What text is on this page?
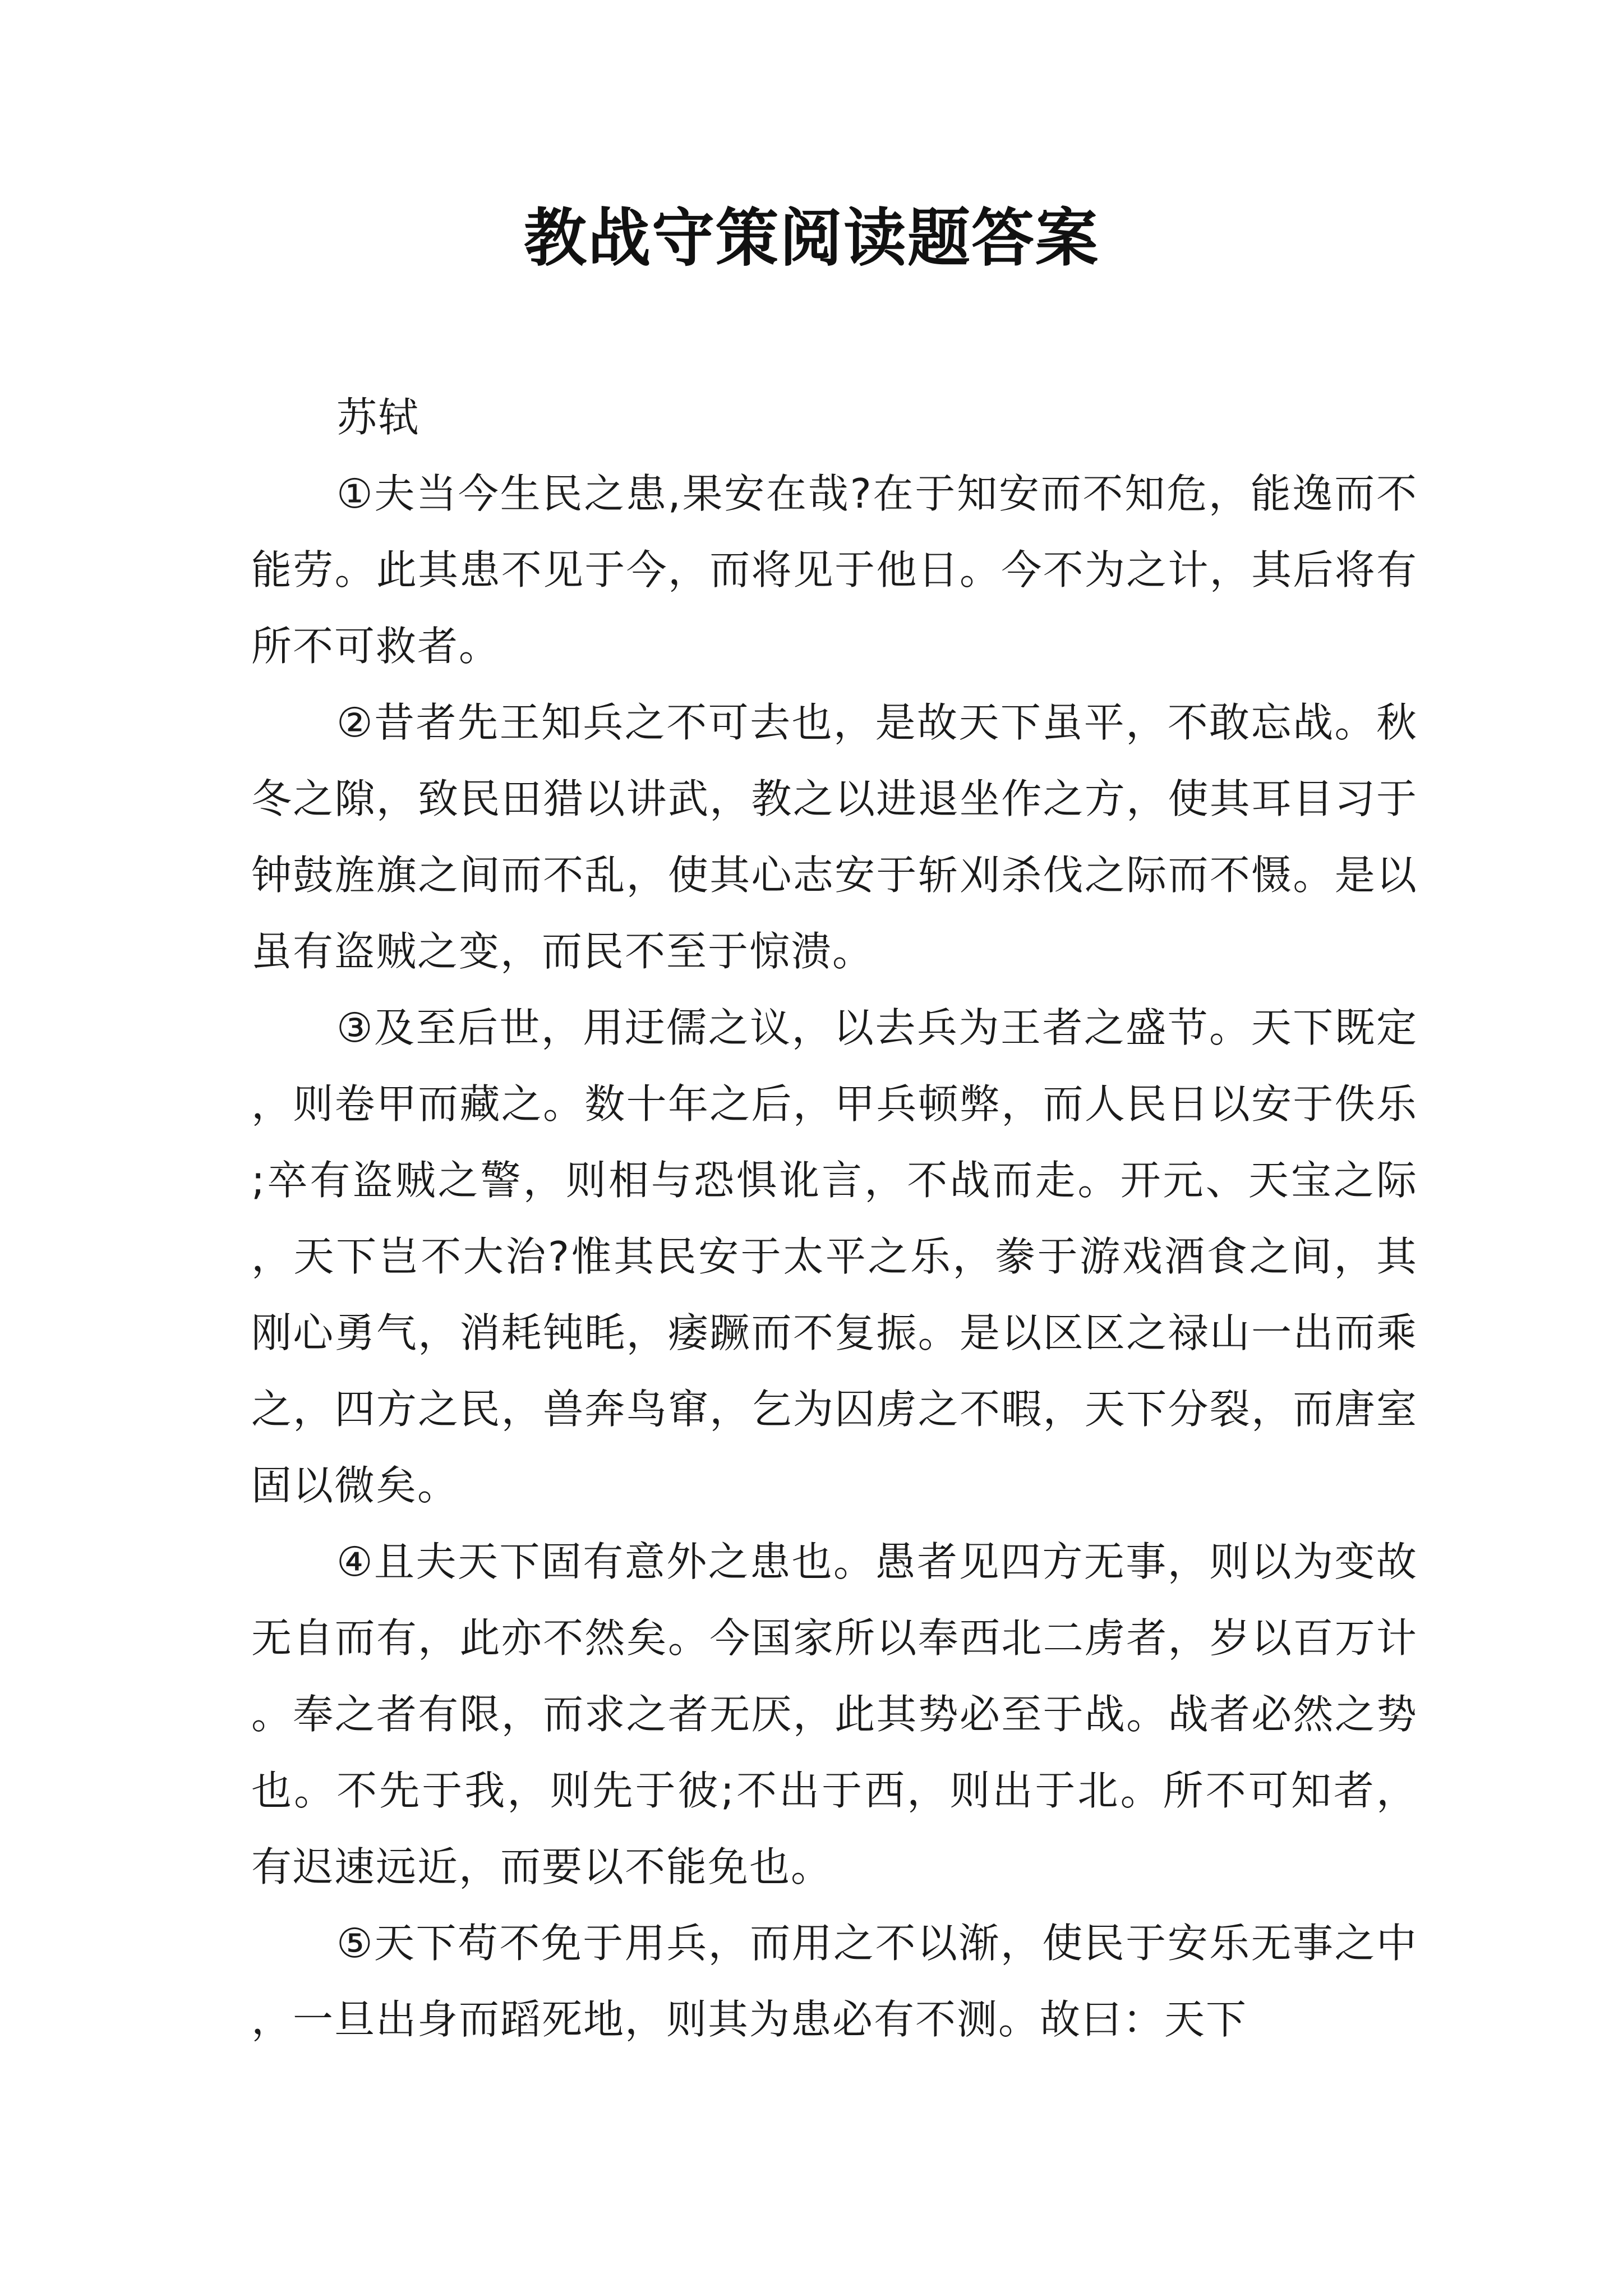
教战守策阅读题答案

苏轼

①夫当今生民之患,果安在哉?在于知安而不知危，能逸而不能劳。此其患不见于今，而将见于他日。今不为之计，其后将有所不可救者。

②昔者先王知兵之不可去也，是故天下虽平，不敢忘战。秋冬之隙，致民田猎以讲武，教之以进退坐作之方，使其耳目习于钟鼓旌旗之间而不乱，使其心志安于斩刈杀伐之际而不慑。是以虽有盗贼之变，而民不至于惊溃。

③及至后世，用迂儒之议，以去兵为王者之盛节。天下既定，则卷甲而藏之。数十年之后，甲兵顿弊，而人民日以安于佚乐;卒有盗贼之警，则相与恐惧讹言，不战而走。开元、天宝之际，天下岂不大治?惟其民安于太平之乐，豢于游戏酒食之间，其刚心勇气，消耗钝眊，痿蹶而不复振。是以区区之禄山一出而乘之，四方之民，兽奔鸟窜，乞为囚虏之不暇，天下分裂，而唐室固以微矣。

④且夫天下固有意外之患也。愚者见四方无事，则以为变故无自而有，此亦不然矣。今国家所以奉西北二虏者，岁以百万计。奉之者有限，而求之者无厌，此其势必至于战。战者必然之势也。不先于我，则先于彼;不出于西，则出于北。所不可知者，有迟速远近，而要以不能免也。

⑤天下苟不免于用兵，而用之不以渐，使民于安乐无事之中，一旦出身而蹈死地，则其为患必有不测。故曰：天下
